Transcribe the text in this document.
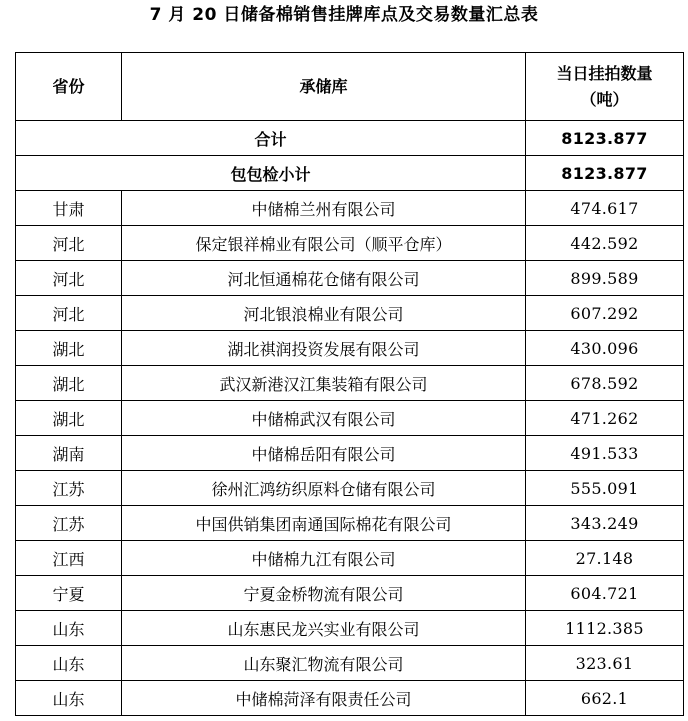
7 月 20 日储备棉销售挂牌库点及交易数量汇总表
省份	承储库	当日挂拍数量
（吨）

合计		8123.877
包包检小计		8123.877
甘肃	中储棉兰州有限公司	474.617
河北	保定银祥棉业有限公司（顺平仓库）	442.592
河北	河北恒通棉花仓储有限公司	899.589
河北	河北银浪棉业有限公司	607.292
湖北	湖北祺润投资发展有限公司	430.096
湖北	武汉新港汉江集装箱有限公司	678.592
湖北	中储棉武汉有限公司	471.262
湖南	中储棉岳阳有限公司	491.533
江苏	徐州汇鸿纺织原料仓储有限公司	555.091
江苏	中国供销集团南通国际棉花有限公司	343.249
江西	中储棉九江有限公司	27.148
宁夏	宁夏金桥物流有限公司	604.721
山东	山东惠民龙兴实业有限公司	1112.385
山东	山东聚汇物流有限公司	323.61
山东	中储棉菏泽有限责任公司	662.1
